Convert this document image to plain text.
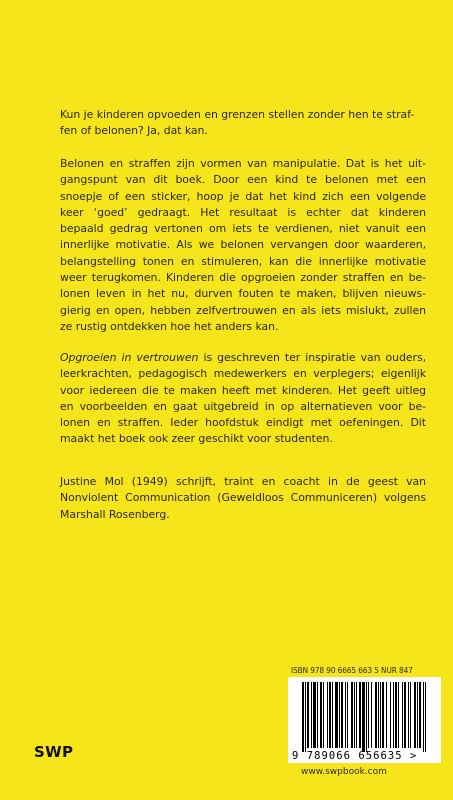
Kun je kinderen opvoeden en grenzen stellen zonder hen te straf-

fen of belonen? Ja, dat kan.

Belonen en straffen zijn vormen van manipulatie. Dat is het uit-

gangspunt van dit boek. Door een kind te belonen met een

snoepje of een sticker, hoop je dat het kind zich een volgende

keer ‘goed’ gedraagt. Het resultaat is echter dat kinderen

bepaald gedrag vertonen om iets te verdienen, niet vanuit een

innerlijke motivatie. Als we belonen vervangen door waarderen,

belangstelling tonen en stimuleren, kan die innerlijke motivatie

weer terugkomen. Kinderen die opgroeien zonder straffen en be-

lonen leven in het nu, durven fouten te maken, blijven nieuws-

gierig en open, hebben zelfvertrouwen en als iets mislukt, zullen

ze rustig ontdekken hoe het anders kan.

Opgroeien in vertrouwen is geschreven ter inspiratie van ouders,

leerkrachten, pedagogisch medewerkers en verplegers; eigenlijk

voor iedereen die te maken heeft met kinderen. Het geeft uitleg

en voorbeelden en gaat uitgebreid in op alternatieven voor be-

lonen en straffen. Ieder hoofdstuk eindigt met oefeningen. Dit

maakt het boek ook zeer geschikt voor studenten.

Justine Mol (1949) schrijft, traint en coacht in de geest van

Nonviolent Communication (Geweldloos Communiceren) volgens

Marshall Rosenberg.

ISBN 978 90 6665 663 5 NUR 847
9 789066 656635 >
www.swpbook.com
SWP
